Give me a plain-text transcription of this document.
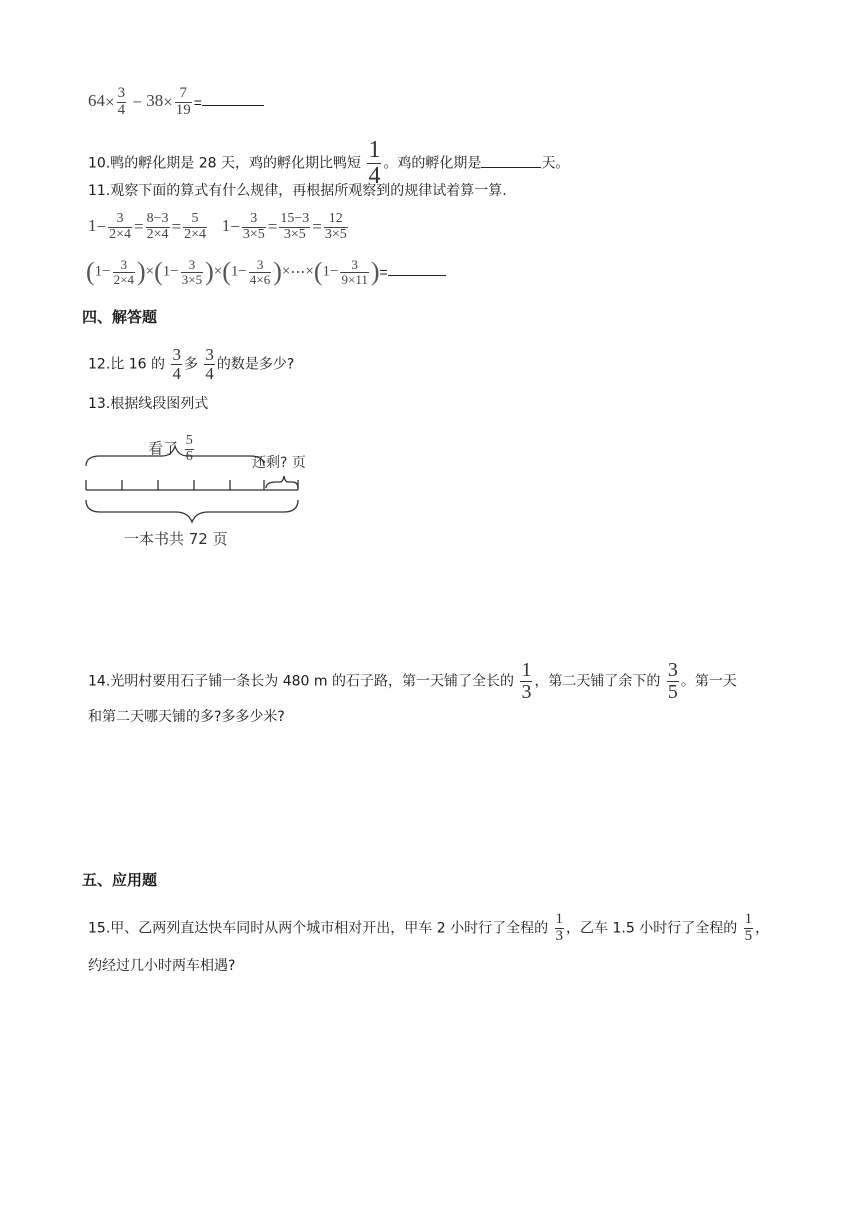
$64\times \frac{3}{4} - 38\times \frac{7}{19}$ =
10.鸭的孵化期是 28 天，鸡的孵化期比鸭短 $\frac{1}{4}$ 。鸡的孵化期是	天。
11.观察下面的算式有什么规律，再根据所观察到的规律试着算一算.
$1- \frac{3}{2\times 4} = \frac{8-3}{2\times 4} = \frac{5}{2\times 4} 1- \frac{3}{3\times 5} = \frac{15-3}{3\times 5} = \frac{12}{3\times 5}$
$(1- \frac{3}{2\times 4} )\times(1- \frac{3}{3\times 5} )\times(1- \frac{3}{4\times 6}$ )×⋯×(1− $\frac{3}{9\times 11}$ )=
四、解答题
12.比 16 的 $\frac{3}{4}$ 多 $\frac{3}{4}$ 的数是多少?
13.根据线段图列式
看了 $\frac{5}{6}$	还剩? 页
一本书共 72 页
14.光明村要用石子铺一条长为 480 m 的石子路，第一天铺了全长的 $\frac{1}{3}$ ，第二天铺了余下的 $\frac{3}{5}$ 。第一天
和第二天哪天铺的多?多多少米?
五、应用题
15.甲、乙两列直达快车同时从两个城市相对开出，甲车 2 小时行了全程的 $\frac{1}{3}$ ，乙车 1.5 小时行了全程的 $\frac{1}{5}$ ，
约经过几小时两车相遇?
